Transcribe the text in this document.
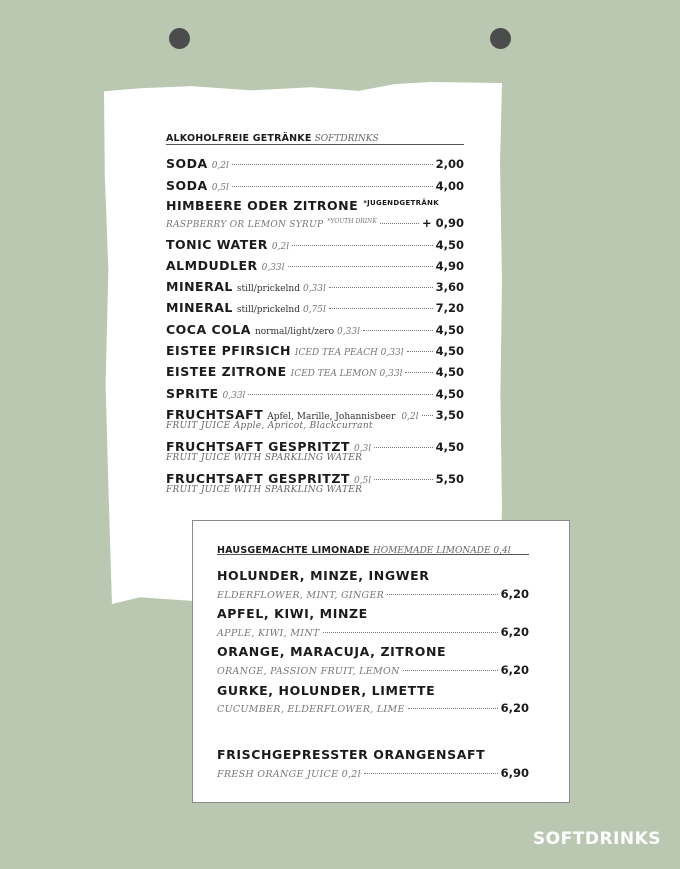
ALKOHOLFREIE GETRÄNKE SOFTDRINKS
SODA 0,2l	2,00
SODA 0,5l	4,00
HIMBEERE ODER ZITRONE *JUGENDGETRÄNK
RASPBERRY OR LEMON SYRUP *YOUTH DRINK	+ 0,90
TONIC WATER 0,2l	4,50
ALMDUDLER 0,33l	4,90
MINERAL still/prickelnd 0,33l	3,60
MINERAL still/prickelnd 0,75l	7,20
COCA COLA normal/light/zero 0,33l	4,50
EISTEE PFIRSICH ICED TEA PEACH 0,33l	4,50
EISTEE ZITRONE ICED TEA LEMON 0,33l	4,50
SPRITE 0,33l	4,50
FRUCHTSAFT Apfel, Marille, Johannisbeer 0,2l 3,50
FRUIT JUICE Apple, Apricot, Blackcurrant
FRUCHTSAFT GESPRITZT 0,3l	4,50
FRUIT JUICE WITH SPARKLING WATER
FRUCHTSAFT GESPRITZT 0,5l	5,50
FRUIT JUICE WITH SPARKLING WATER
HAUSGEMACHTE LIMONADE HOMEMADE LIMONADE 0,4l
HOLUNDER, MINZE, INGWER
ELDERFLOWER, MINT, GINGER	6,20
APFEL, KIWI, MINZE
APPLE, KIWI, MINT	6,20
ORANGE, MARACUJA, ZITRONE
ORANGE, PASSION FRUIT, LEMON	6,20
GURKE, HOLUNDER, LIMETTE
CUCUMBER, ELDERFLOWER, LIME	6,20
FRISCHGEPRESSTER ORANGENSAFT
FRESH ORANGE JUICE 0,2l	6,90
SOFTDRINKS
